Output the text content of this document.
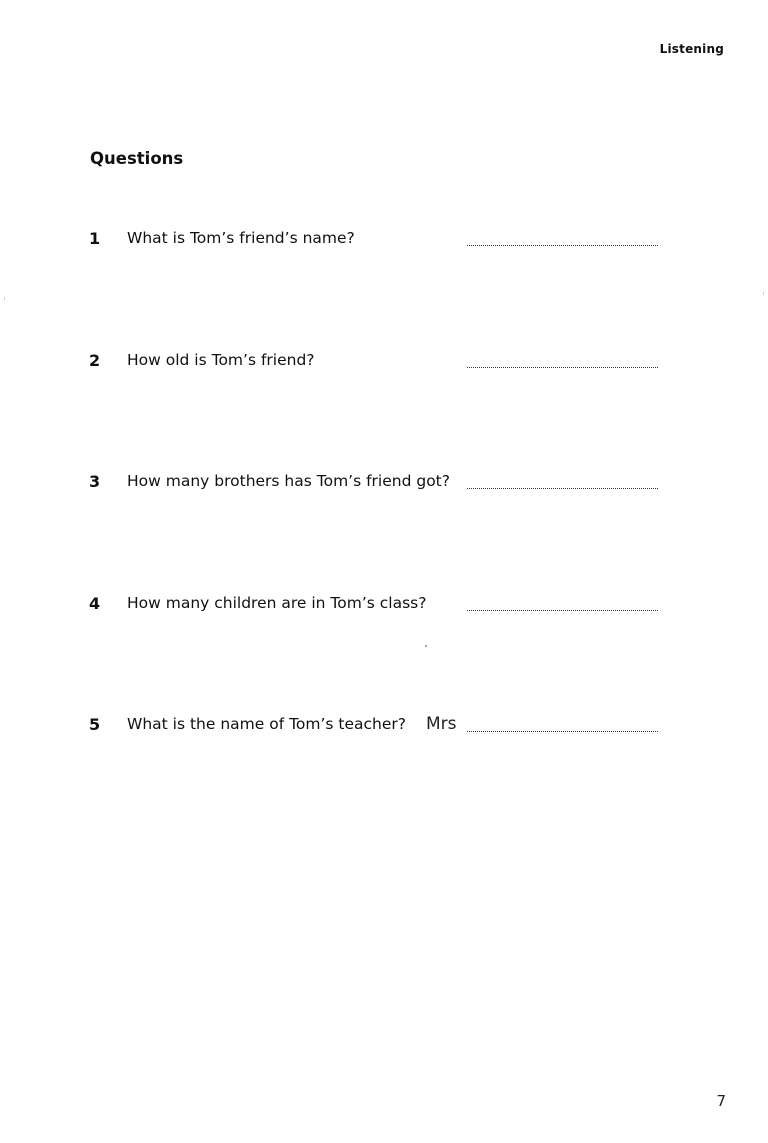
Listening
Questions
1 What is Tom’s friend’s name?
2 How old is Tom’s friend?
3 How many brothers has Tom’s friend got?
4 How many children are in Tom’s class?
5 What is the name of Tom’s teacher? Mrs
7
